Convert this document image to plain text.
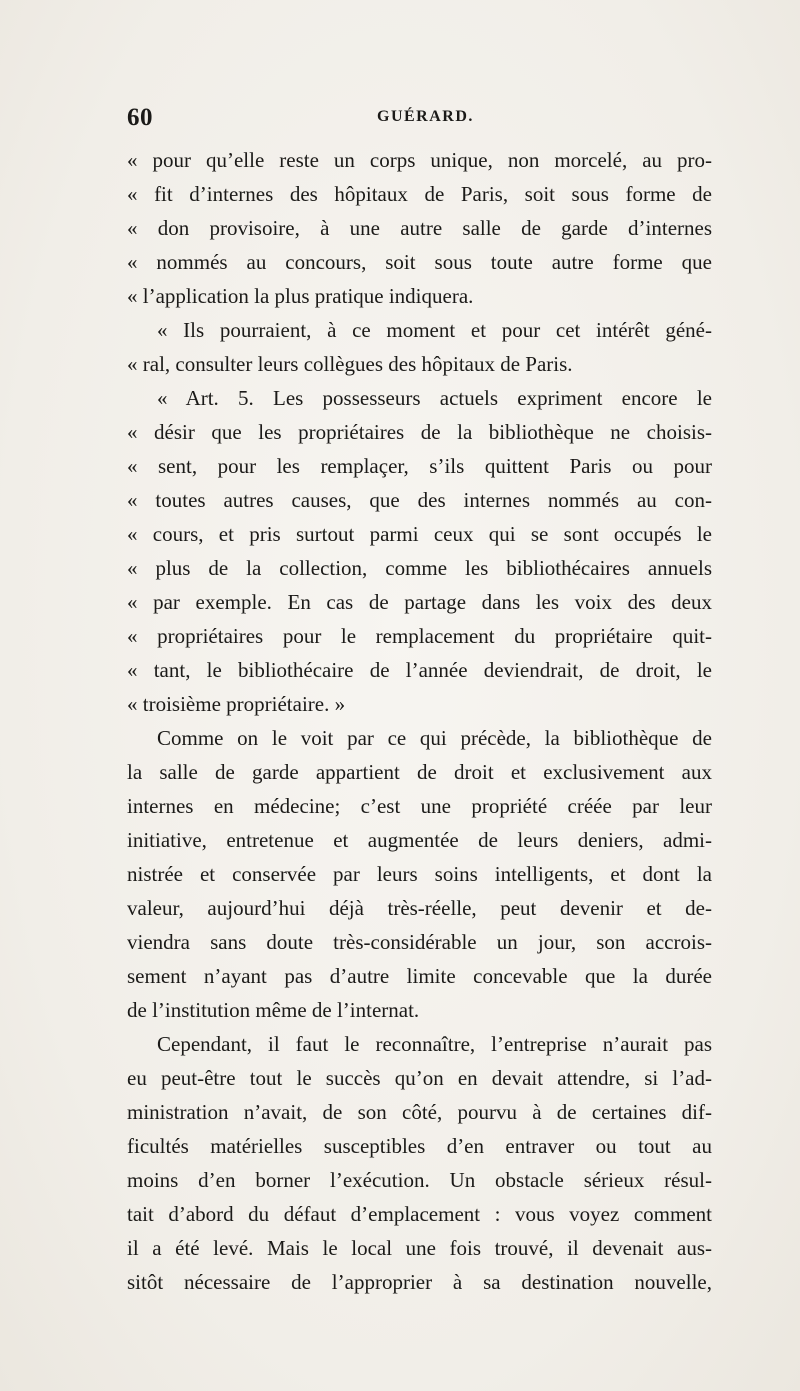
60	GUÉRARD.
« pour qu’elle reste un corps unique, non morcelé, au pro-
« fit d’internes des hôpitaux de Paris, soit sous forme de
« don provisoire, à une autre salle de garde d’internes
« nommés au concours, soit sous toute autre forme que
« l’application la plus pratique indiquera.
« Ils pourraient, à ce moment et pour cet intérêt géné-
« ral, consulter leurs collègues des hôpitaux de Paris.
« Art. 5. Les possesseurs actuels expriment encore le
« désir que les propriétaires de la bibliothèque ne choisis-
« sent, pour les remplaçer, s’ils quittent Paris ou pour
« toutes autres causes, que des internes nommés au con-
« cours, et pris surtout parmi ceux qui se sont occupés le
« plus de la collection, comme les bibliothécaires annuels
« par exemple. En cas de partage dans les voix des deux
« propriétaires pour le remplacement du propriétaire quit-
« tant, le bibliothécaire de l’année deviendrait, de droit, le
« troisième propriétaire. »
Comme on le voit par ce qui précède, la bibliothèque de
la salle de garde appartient de droit et exclusivement aux
internes en médecine; c’est une propriété créée par leur
initiative, entretenue et augmentée de leurs deniers, admi-
nistrée et conservée par leurs soins intelligents, et dont la
valeur, aujourd’hui déjà très-réelle, peut devenir et de-
viendra sans doute très-considérable un jour, son accrois-
sement n’ayant pas d’autre limite concevable que la durée
de l’institution même de l’internat.
Cependant, il faut le reconnaître, l’entreprise n’aurait pas
eu peut-être tout le succès qu’on en devait attendre, si l’ad-
ministration n’avait, de son côté, pourvu à de certaines dif-
ficultés matérielles susceptibles d’en entraver ou tout au
moins d’en borner l’exécution. Un obstacle sérieux résul-
tait d’abord du défaut d’emplacement : vous voyez comment
il a été levé. Mais le local une fois trouvé, il devenait aus-
sitôt nécessaire de l’approprier à sa destination nouvelle,
